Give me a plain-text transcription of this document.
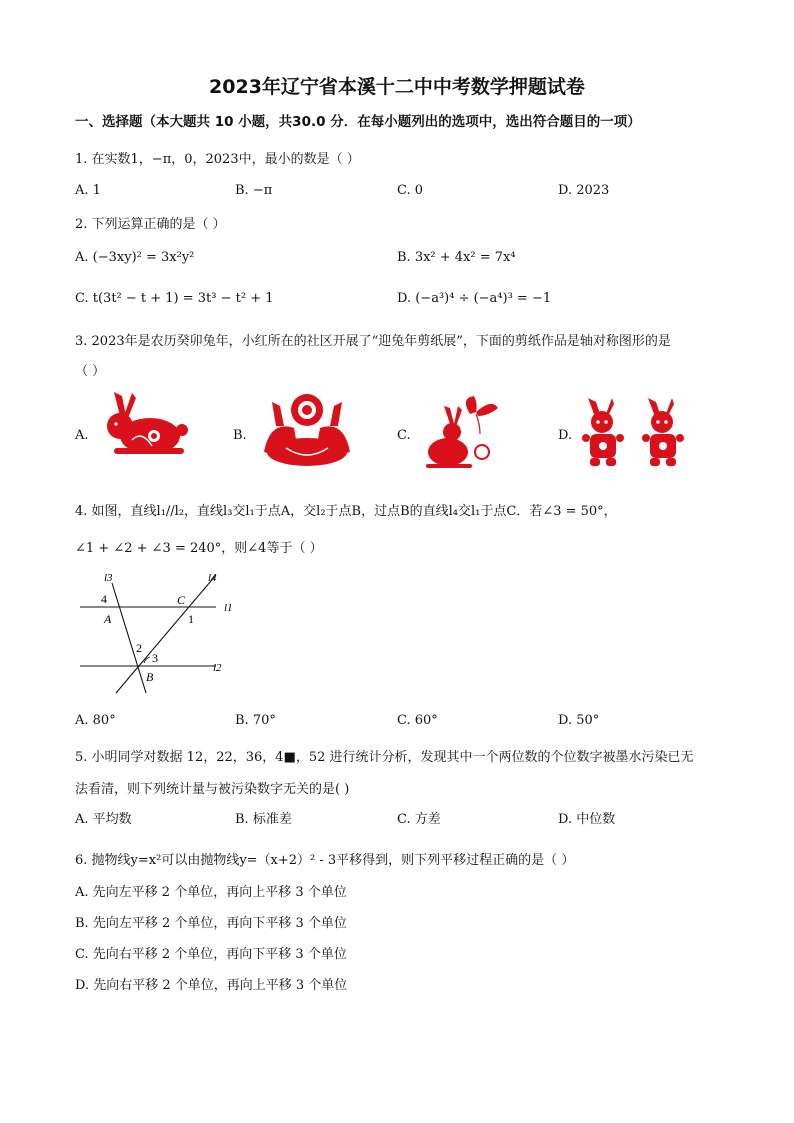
2023年辽宁省本溪十二中中考数学押题试卷
一、选择题（本大题共 10 小题，共30.0 分．在每小题列出的选项中，选出符合题目的一项）
1. 在实数1，−π，0，2023中，最小的数是（ ）
A. 1	B. −π	C. 0	D. 2023
2. 下列运算正确的是（ ）
A. (−3xy)² = 3x²y²	B. 3x² + 4x² = 7x⁴
C. t(3t² − t + 1) = 3t³ − t² + 1	D. (−a³)⁴ ÷ (−a⁴)³ = −1
3. 2023年是农历癸卯兔年，小红所在的社区开展了“迎兔年剪纸展”，下面的剪纸作品是轴对称图形的是
（ ）
A.	B.	C.	D.
4. 如图，直线l₁//l₂，直线l₃交l₁于点A，交l₂于点B，过点B的直线l₄交l₁于点C．若∠3 = 50°，
∠1 + ∠2 + ∠3 = 240°，则∠4等于（ ）
l3	l4
l1
l2
4
A
C
1
2
3
B
A. 80°	B. 70°	C. 60°	D. 50°
5. 小明同学对数据 12，22，36，4■，52 进行统计分析，发现其中一个两位数的个位数字被墨水污染已无
法看清，则下列统计量与被污染数字无关的是( )
A. 平均数	B. 标准差	C. 方差	D. 中位数
6. 抛物线y=x²可以由抛物线y=（x+2）² - 3平移得到，则下列平移过程正确的是（ ）
A. 先向左平移 2 个单位，再向上平移 3 个单位
B. 先向左平移 2 个单位，再向下平移 3 个单位
C. 先向右平移 2 个单位，再向下平移 3 个单位
D. 先向右平移 2 个单位，再向上平移 3 个单位
